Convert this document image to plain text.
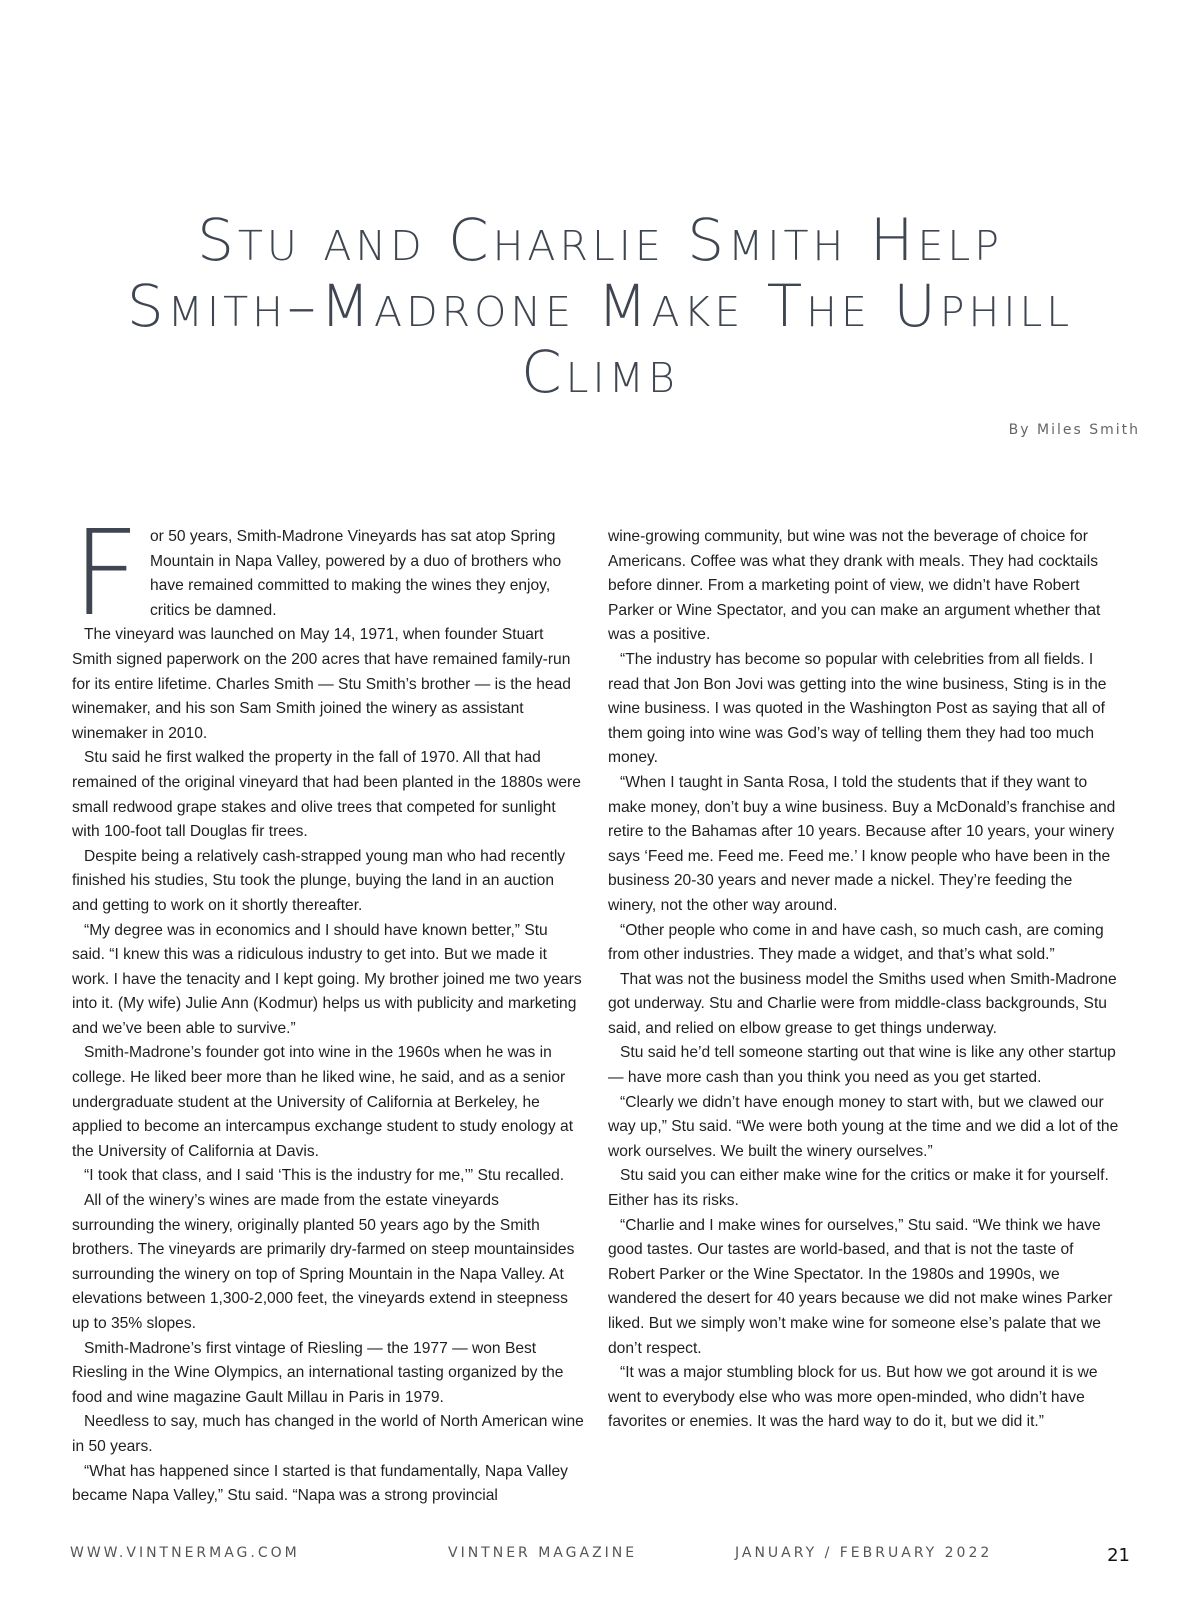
Stu and Charlie Smith Help
Smith–Madrone Make The Uphill
Climb
By Miles Smith
F or 50 years, Smith-Madrone Vineyards has sat atop Spring Mountain in Napa Valley, powered by a duo of brothers who have remained committed to making the wines they enjoy, critics be damned.

The vineyard was launched on May 14, 1971, when founder Stuart Smith signed paperwork on the 200 acres that have remained family-run for its entire lifetime. Charles Smith — Stu Smith’s brother — is the head winemaker, and his son Sam Smith joined the winery as assistant winemaker in 2010.

Stu said he first walked the property in the fall of 1970. All that had remained of the original vineyard that had been planted in the 1880s were small redwood grape stakes and olive trees that competed for sunlight with 100-foot tall Douglas fir trees.

Despite being a relatively cash-strapped young man who had recently finished his studies, Stu took the plunge, buying the land in an auction and getting to work on it shortly thereafter.

“My degree was in economics and I should have known better,” Stu said. “I knew this was a ridiculous industry to get into. But we made it work. I have the tenacity and I kept going. My brother joined me two years into it. (My wife) Julie Ann (Kodmur) helps us with publicity and marketing and we’ve been able to survive.”

Smith-Madrone’s founder got into wine in the 1960s when he was in college. He liked beer more than he liked wine, he said, and as a senior undergraduate student at the University of California at Berkeley, he applied to become an intercampus exchange student to study enology at the University of California at Davis.

“I took that class, and I said ‘This is the industry for me,’” Stu recalled.

All of the winery’s wines are made from the estate vineyards surrounding the winery, originally planted 50 years ago by the Smith brothers. The vineyards are primarily dry-farmed on steep mountainsides surrounding the winery on top of Spring Mountain in the Napa Valley. At elevations between 1,300-2,000 feet, the vineyards extend in steepness up to 35% slopes.

Smith-Madrone’s first vintage of Riesling — the 1977 — won Best Riesling in the Wine Olympics, an international tasting organized by the food and wine magazine Gault Millau in Paris in 1979.

Needless to say, much has changed in the world of North American wine in 50 years.

“What has happened since I started is that fundamentally, Napa Valley became Napa Valley,” Stu said. “Napa was a strong provincial

wine-growing community, but wine was not the beverage of choice for Americans. Coffee was what they drank with meals. They had cocktails before dinner. From a marketing point of view, we didn’t have Robert Parker or Wine Spectator, and you can make an argument whether that was a positive.

“The industry has become so popular with celebrities from all fields. I read that Jon Bon Jovi was getting into the wine business, Sting is in the wine business. I was quoted in the Washington Post as saying that all of them going into wine was God’s way of telling them they had too much money.

“When I taught in Santa Rosa, I told the students that if they want to make money, don’t buy a wine business. Buy a McDonald’s franchise and retire to the Bahamas after 10 years. Because after 10 years, your winery says ‘Feed me. Feed me. Feed me.’ I know people who have been in the business 20-30 years and never made a nickel. They’re feeding the winery, not the other way around.

“Other people who come in and have cash, so much cash, are coming from other industries. They made a widget, and that’s what sold.”

That was not the business model the Smiths used when Smith-Madrone got underway. Stu and Charlie were from middle-class backgrounds, Stu said, and relied on elbow grease to get things underway.

Stu said he’d tell someone starting out that wine is like any other startup — have more cash than you think you need as you get started.

“Clearly we didn’t have enough money to start with, but we clawed our way up,” Stu said. “We were both young at the time and we did a lot of the work ourselves. We built the winery ourselves.”

Stu said you can either make wine for the critics or make it for yourself. Either has its risks.

“Charlie and I make wines for ourselves,” Stu said. “We think we have good tastes. Our tastes are world-based, and that is not the taste of Robert Parker or the Wine Spectator. In the 1980s and 1990s, we wandered the desert for 40 years because we did not make wines Parker liked. But we simply won’t make wine for someone else’s palate that we don’t respect.

“It was a major stumbling block for us. But how we got around it is we went to everybody else who was more open-minded, who didn’t have favorites or enemies. It was the hard way to do it, but we did it.”

WWW.VINTNERMAG.COM	VINTNER MAGAZINE	JANUARY / FEBRUARY 2022	21
